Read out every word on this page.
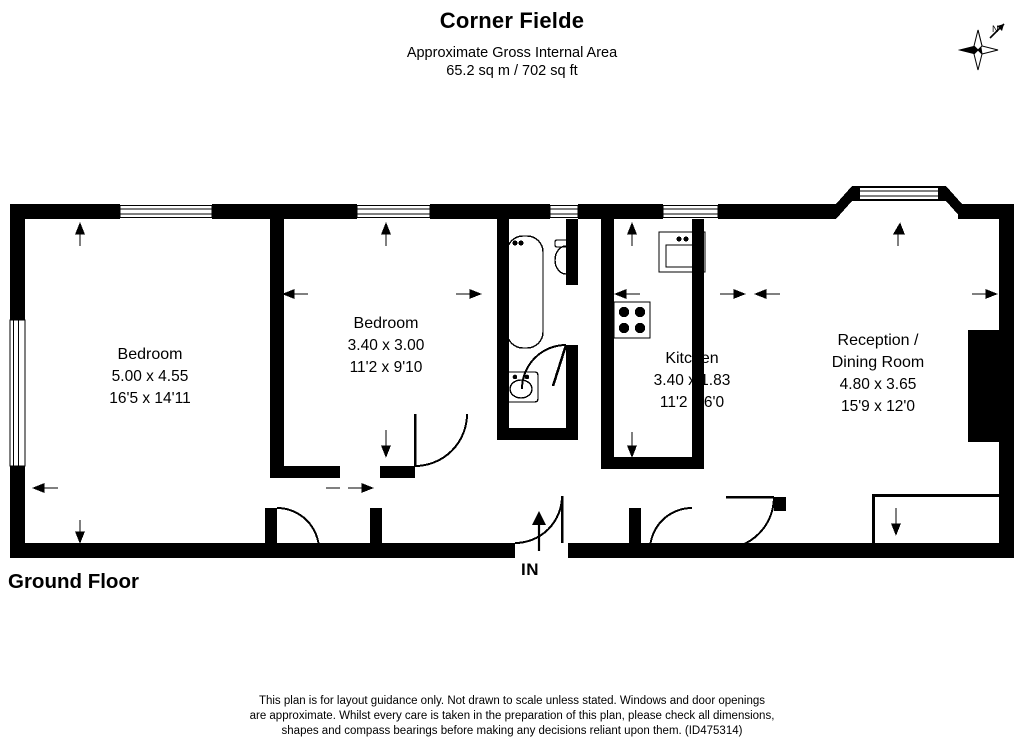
Corner Fielde
Approximate Gross Internal Area
65.2 sq m / 702 sq ft
N
Bedroom
5.00 x 4.55
16'5 x 14'11
Bedroom
3.40 x 3.00
11'2 x 9'10
Kitchen
3.40 x 1.83
11'2 x 6'0
Reception /
Dining Room
4.80 x 3.65
15'9 x 12'0
IN
Ground Floor
This plan is for layout guidance only. Not drawn to scale unless stated. Windows and door openings
are approximate. Whilst every care is taken in the preparation of this plan, please check all dimensions,
shapes and compass bearings before making any decisions reliant upon them. (ID475314)
